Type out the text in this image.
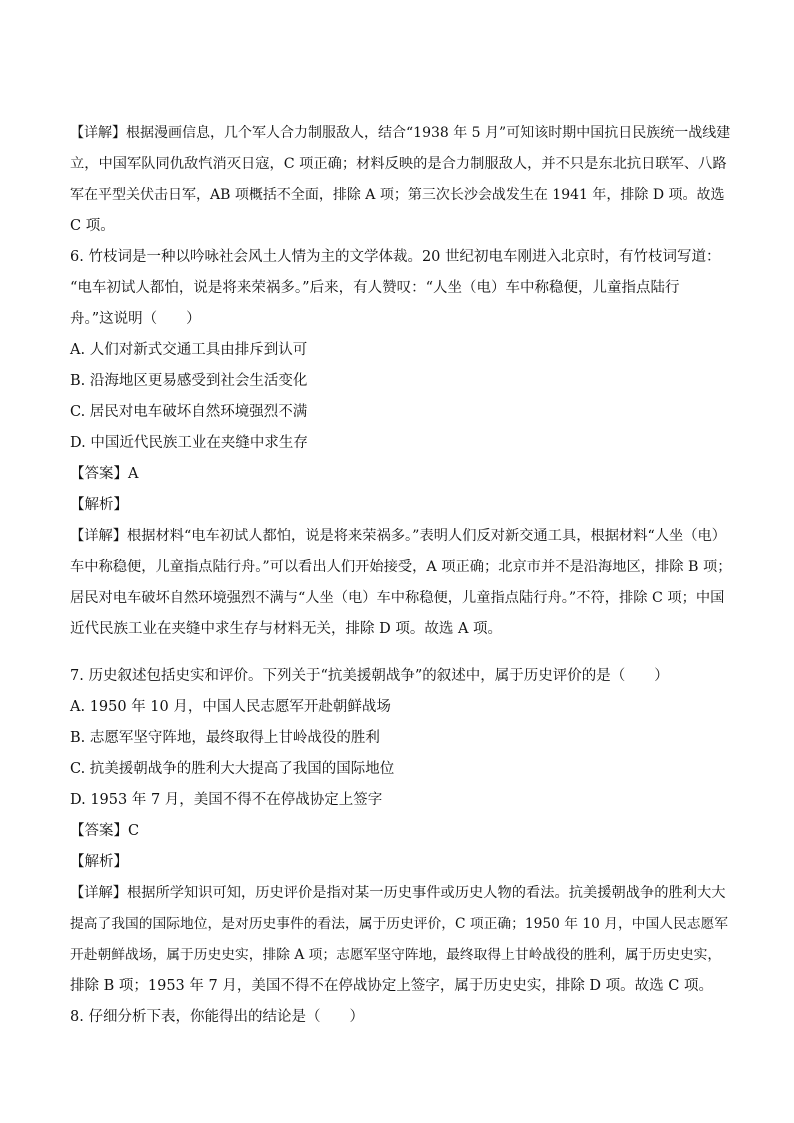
【详解】根据漫画信息，几个军人合力制服敌人，结合“1938 年 5 月”可知该时期中国抗日民族统一战线建
立，中国军队同仇敌忾消灭日寇，C 项正确；材料反映的是合力制服敌人，并不只是东北抗日联军、八路
军在平型关伏击日军，AB 项概括不全面，排除 A 项；第三次长沙会战发生在 1941 年，排除 D 项。故选
C 项。
6. 竹枝词是一种以吟咏社会风土人情为主的文学体裁。20 世纪初电车刚进入北京时，有竹枝词写道：
“电车初试人都怕，说是将来荣祸多。”后来，有人赞叹：“人坐（电）车中称稳便，儿童指点陆行
舟。”这说明（　　）
A. 人们对新式交通工具由排斥到认可
B. 沿海地区更易感受到社会生活变化
C. 居民对电车破坏自然环境强烈不满
D. 中国近代民族工业在夹缝中求生存
【答案】A
【解析】
【详解】根据材料“电车初试人都怕，说是将来荣祸多。”表明人们反对新交通工具，根据材料“人坐（电）
车中称稳便，儿童指点陆行舟。”可以看出人们开始接受，A 项正确；北京市并不是沿海地区，排除 B 项；
居民对电车破坏自然环境强烈不满与“人坐（电）车中称稳便，儿童指点陆行舟。”不符，排除 C 项；中国
近代民族工业在夹缝中求生存与材料无关，排除 D 项。故选 A 项。
7. 历史叙述包括史实和评价。下列关于“抗美援朝战争”的叙述中，属于历史评价的是（　　）
A. 1950 年 10 月，中国人民志愿军开赴朝鲜战场
B. 志愿军坚守阵地，最终取得上甘岭战役的胜利
C. 抗美援朝战争的胜利大大提高了我国的国际地位
D. 1953 年 7 月，美国不得不在停战协定上签字
【答案】C
【解析】
【详解】根据所学知识可知，历史评价是指对某一历史事件或历史人物的看法。抗美援朝战争的胜利大大
提高了我国的国际地位，是对历史事件的看法，属于历史评价，C 项正确；1950 年 10 月，中国人民志愿军
开赴朝鲜战场，属于历史史实，排除 A 项；志愿军坚守阵地，最终取得上甘岭战役的胜利，属于历史史实，
排除 B 项；1953 年 7 月，美国不得不在停战协定上签字，属于历史史实，排除 D 项。故选 C 项。
8. 仔细分析下表，你能得出的结论是（　　）
